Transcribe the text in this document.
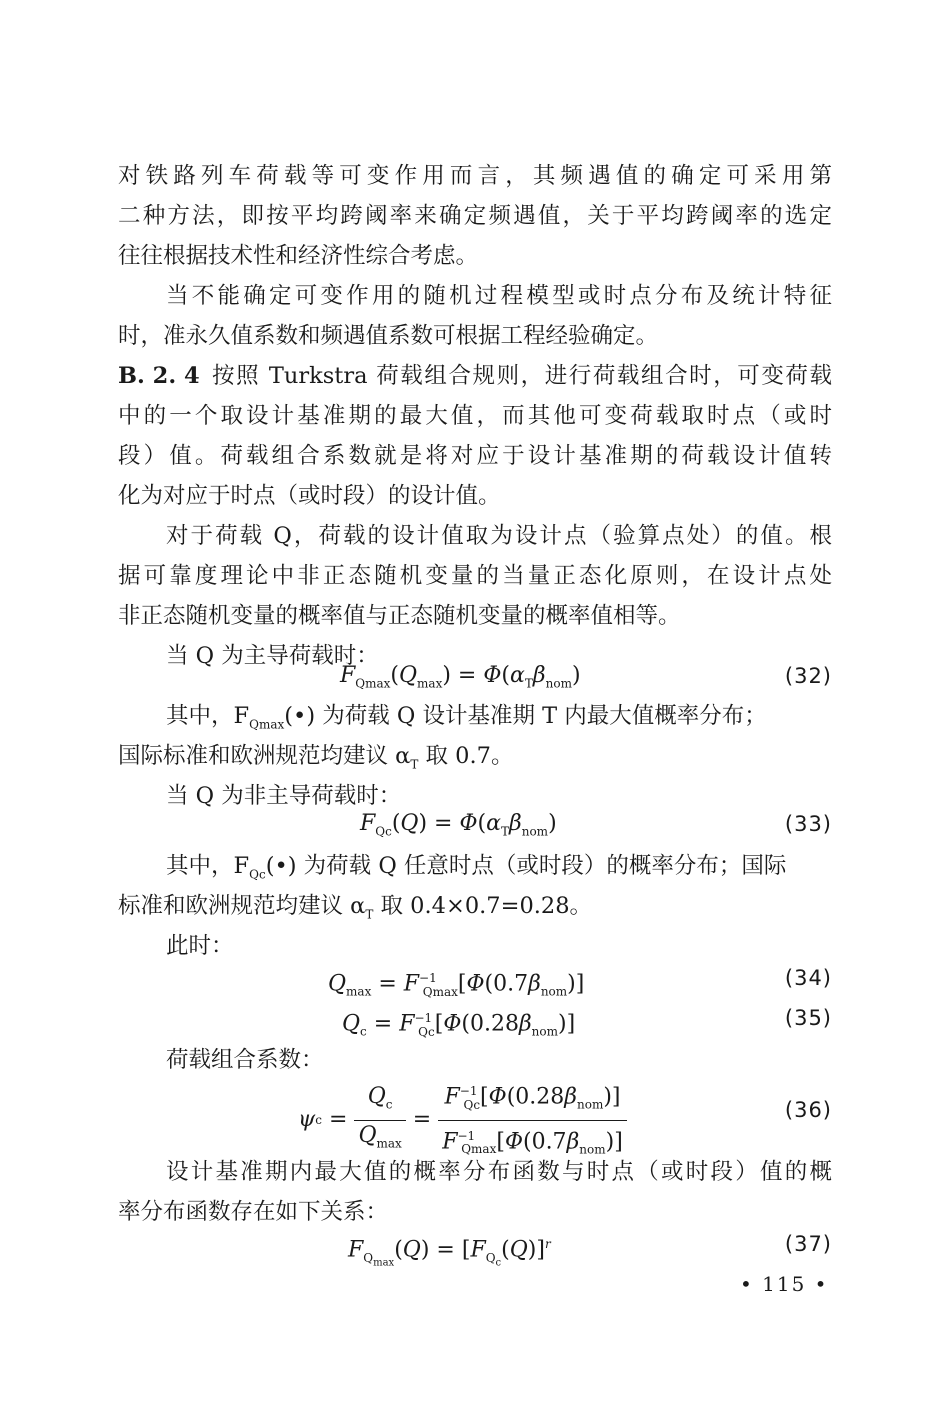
对铁路列车荷载等可变作用而言，其频遇值的确定可采用第
二种方法，即按平均跨阈率来确定频遇值，关于平均跨阈率的选定
往往根据技术性和经济性综合考虑。
当不能确定可变作用的随机过程模型或时点分布及统计特征
时，准永久值系数和频遇值系数可根据工程经验确定。
B. 2. 4 按照 Turkstra 荷载组合规则，进行荷载组合时，可变荷载
中的一个取设计基准期的最大值，而其他可变荷载取时点（或时
段）值。荷载组合系数就是将对应于设计基准期的荷载设计值转
化为对应于时点（或时段）的设计值。
对于荷载 Q，荷载的设计值取为设计点（验算点处）的值。根
据可靠度理论中非正态随机变量的当量正态化原则，在设计点处
非正态随机变量的概率值与正态随机变量的概率值相等。
当 Q 为主导荷载时：
$F_{Qmax}(Q_{max}) = \Phi(\alpha_T\beta_{nom})$	(32)
其中，$F_{Qmax}(•)$ 为荷载 Q 设计基准期 T 内最大值概率分布；
国际标准和欧洲规范均建议 $\alpha_T$ 取 0.7。
当 Q 为非主导荷载时：
$F_{Qc}(Q) = \Phi(\alpha_T\beta_{nom})$	(33)
其中，$F_{Qc}(•)$ 为荷载 Q 任意时点（或时段）的概率分布；国际
标准和欧洲规范均建议 $\alpha_T$ 取 0.4×0.7=0.28。
此时：
$Q_{max} = F^{-1}_{Qmax}[\Phi(0.7\beta_{nom})]$	(34)
$Q_c = F^{-1}_{Qc}[\Phi(0.28\beta_{nom})]$	(35)
荷载组合系数：
$\psi c = \frac{Q_c}{Q_{max}} = \frac{F^{-1}_{Qc}[\Phi(0.28\beta_{nom})]}{F^{-1}_{Qmax}[\Phi(0.7\beta_{nom})]}$	(36)
设计基准期内最大值的概率分布函数与时点（或时段）值的概
率分布函数存在如下关系：
$F_{Q_{max}}(Q) = [F_{Q_c}(Q)]^r$	(37)
• 115 •
